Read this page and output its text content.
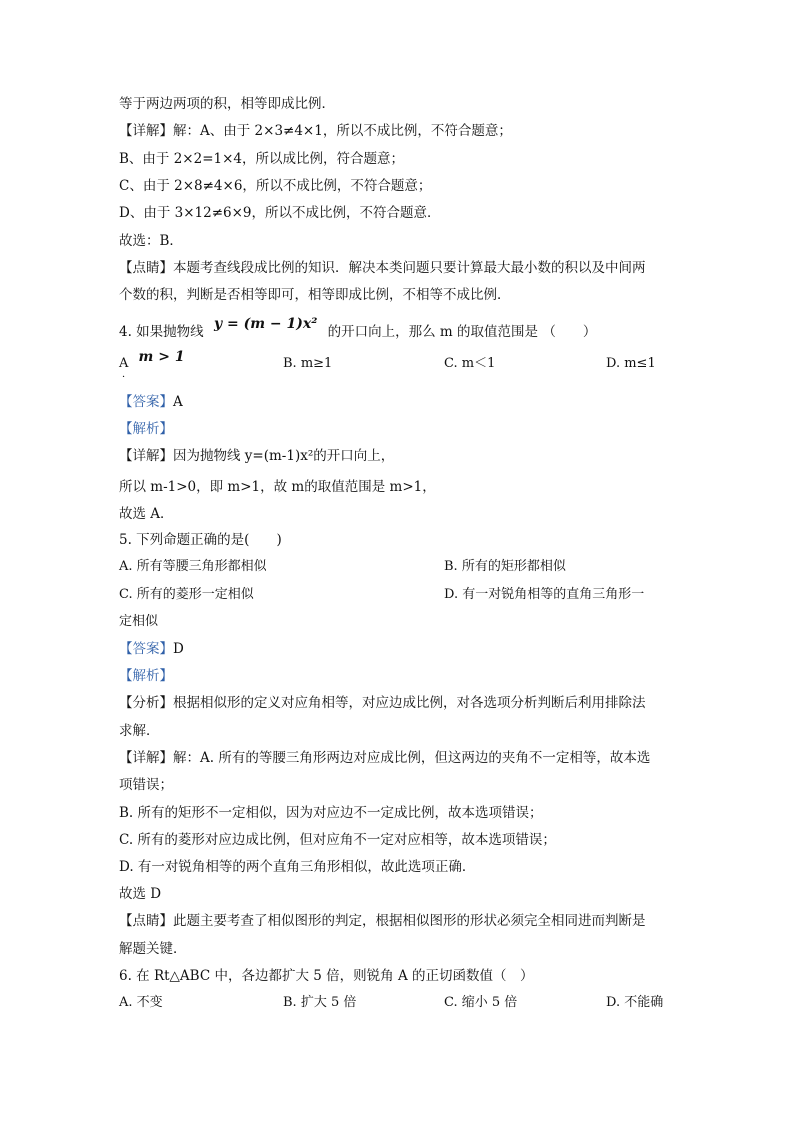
等于两边两项的积，相等即成比例．
【详解】解：A、由于 2×3≠4×1，所以不成比例，不符合题意；
B、由于 2×2=1×4，所以成比例，符合题意；
C、由于 2×8≠4×6，所以不成比例，不符合题意；
D、由于 3×12≠6×9，所以不成比例，不符合题意．
故选：B．
【点睛】本题考查线段成比例的知识．解决本类问题只要计算最大最小数的积以及中间两
个数的积，判断是否相等即可，相等即成比例，不相等不成比例．
4. 如果抛物线 y = (m − 1)x² 的开口向上，那么 m 的取值范围是 （　　）
A m > 1
．
B. m≥1	C. m＜1	D. m≤1
【答案】A
【解析】
【详解】因为抛物线 y=(m-1)x²的开口向上，
所以 m-1>0，即 m>1，故 m的取值范围是 m>1，
故选 A．
5. 下列命题正确的是(　　)
A. 所有等腰三角形都相似	B. 所有的矩形都相似
C. 所有的菱形一定相似	D. 有一对锐角相等的直角三角形一
定相似
【答案】D
【解析】
【分析】根据相似形的定义对应角相等，对应边成比例，对各选项分析判断后利用排除法
求解．
【详解】解：A. 所有的等腰三角形两边对应成比例，但这两边的夹角不一定相等，故本选
项错误；
B. 所有的矩形不一定相似，因为对应边不一定成比例，故本选项错误；
C. 所有的菱形对应边成比例，但对应角不一定对应相等，故本选项错误；
D. 有一对锐角相等的两个直角三角形相似，故此选项正确．
故选 D
【点睛】此题主要考查了相似图形的判定，根据相似图形的形状必须完全相同进而判断是
解题关键．
6. 在 Rt△ABC 中，各边都扩大 5 倍，则锐角 A 的正切函数值（　）
A. 不变	B. 扩大 5 倍	C. 缩小 5 倍	D. 不能确
